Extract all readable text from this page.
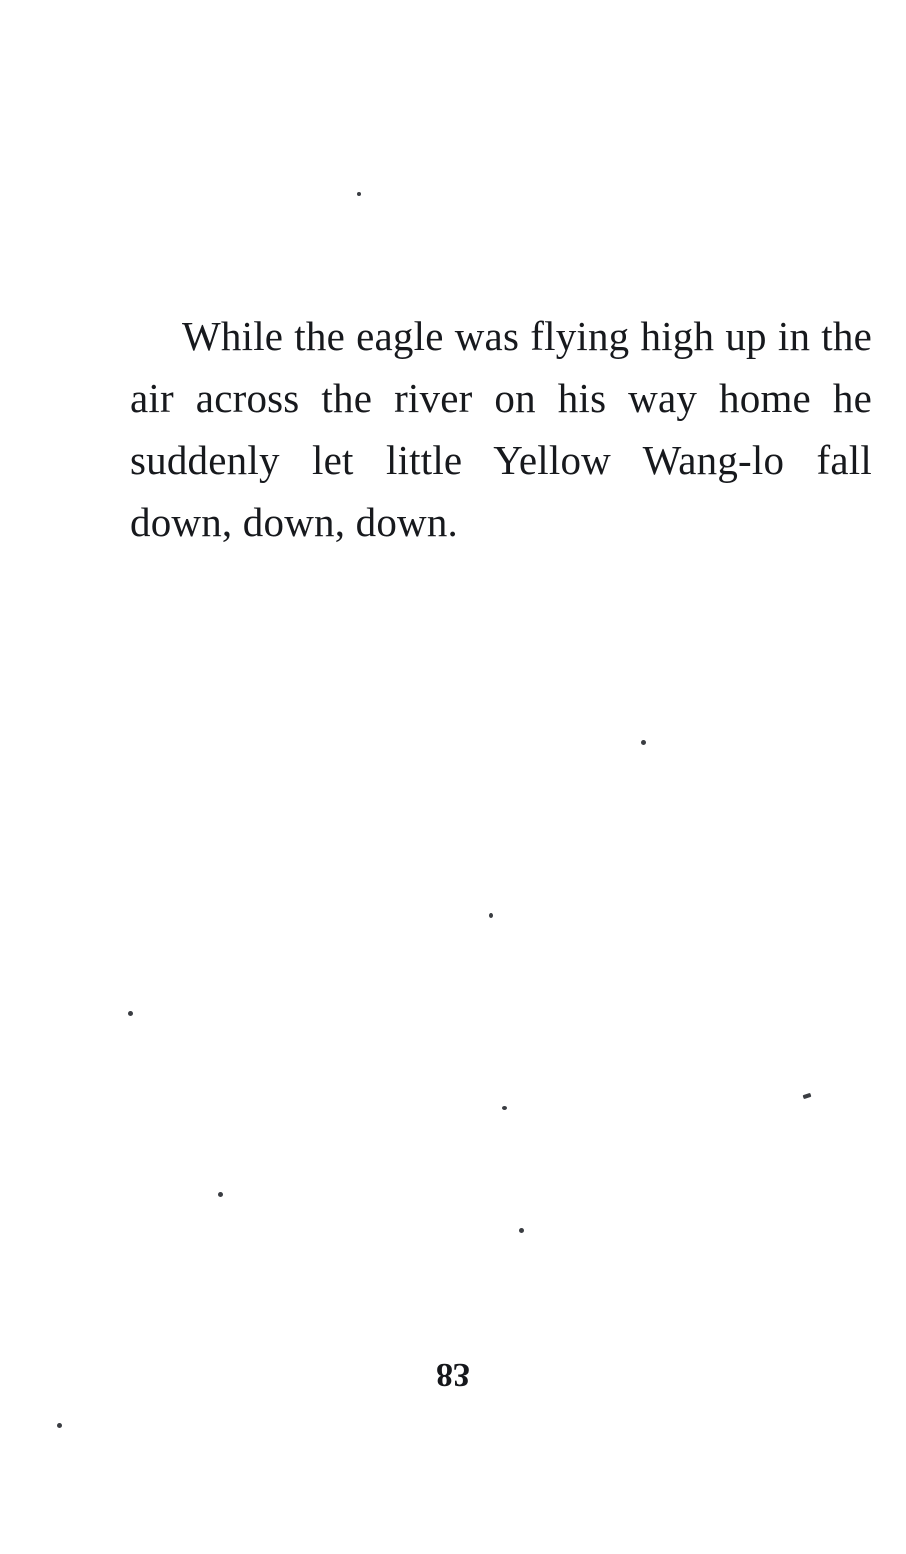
While the eagle was flying high up in the air across the river on his way home he suddenly let little Yellow Wang-lo fall down, down, down.

83
